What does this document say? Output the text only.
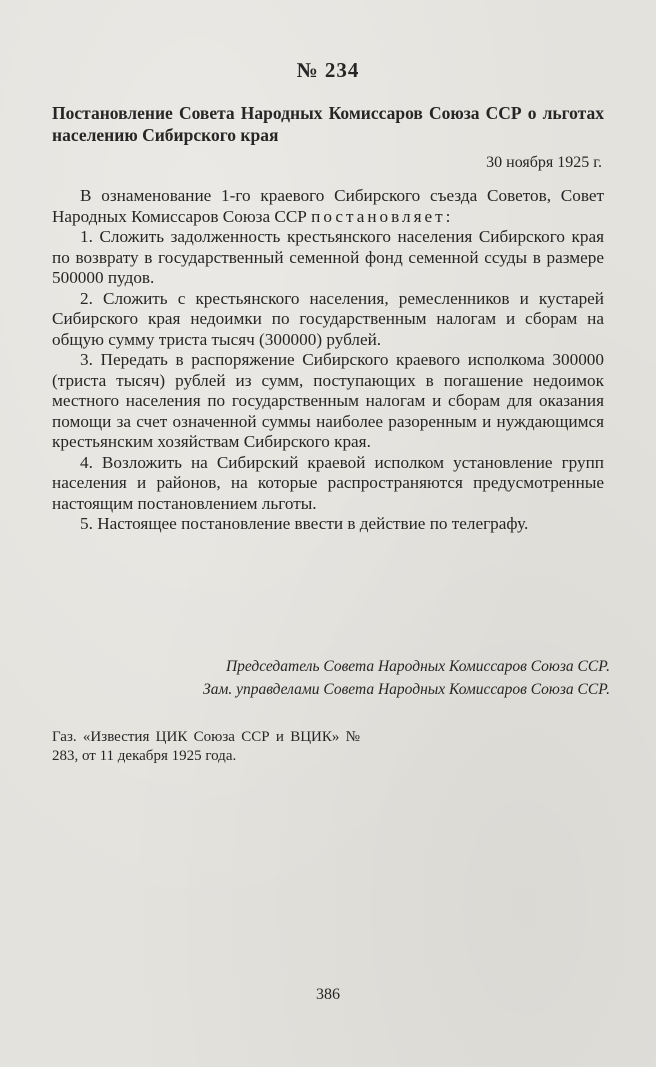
№ 234

Постановление Совета Народных Комиссаров Союза ССР о льготах населению Сибирского края

30 ноября 1925 г.

В ознаменование 1-го краевого Сибирского съезда Советов, Совет Народных Комиссаров Союза ССР постановляет:

1. Сложить задолженность крестьянского населения Сибирского края по возврату в государственный семенной фонд семенной ссуды в размере 500000 пудов.

2. Сложить с крестьянского населения, ремесленников и кустарей Сибирского края недоимки по государственным налогам и сборам на общую сумму триста тысяч (300000) рублей.

3. Передать в распоряжение Сибирского краевого исполкома 300000 (триста тысяч) рублей из сумм, поступающих в погашение недоимок местного населения по государственным налогам и сборам для оказания помощи за счет означенной суммы наиболее разоренным и нуждающимся крестьянским хозяйствам Сибирского края.

4. Возложить на Сибирский краевой исполком установление групп населения и районов, на которые распространяются предусмотренные настоящим постановлением льготы.

5. Настоящее постановление ввести в действие по телеграфу.

Председатель Совета Народных Комиссаров Союза ССР.

Зам. управделами Совета Народных Комиссаров Союза ССР.

Газ. «Известия ЦИК Союза ССР и ВЦИК» № 283, от 11 декабря 1925 года.

386
